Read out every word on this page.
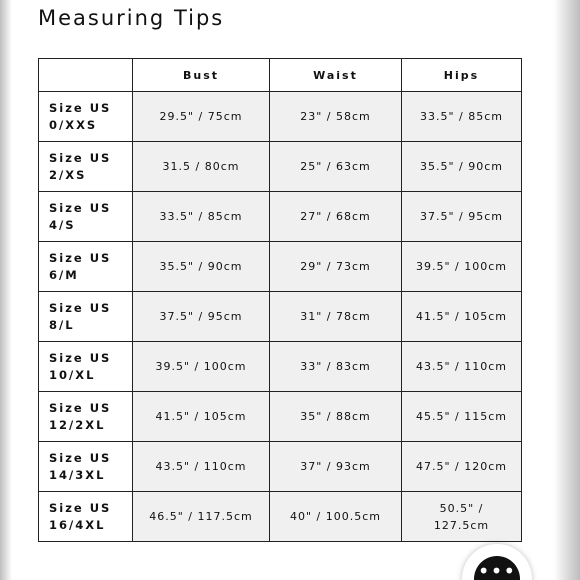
Measuring Tips
	Bust	Waist	Hips

Size US
0/XXS	29.5" / 75cm	23" / 58cm	33.5" / 85cm

Size US
2/XS	31.5 / 80cm	25" / 63cm	35.5" / 90cm

Size US
4/S	33.5" / 85cm	27" / 68cm	37.5" / 95cm

Size US
6/M	35.5" / 90cm	29" / 73cm	39.5" / 100cm

Size US
8/L	37.5" / 95cm	31" / 78cm	41.5" / 105cm

Size US
10/XL	39.5" / 100cm	33" / 83cm	43.5" / 110cm

Size US
12/2XL	41.5" / 105cm	35" / 88cm	45.5" / 115cm

Size US
14/3XL	43.5" / 110cm	37" / 93cm	47.5" / 120cm

Size US
16/4XL	46.5" / 117.5cm	40" / 100.5cm	50.5" /
127.5cm
•••
